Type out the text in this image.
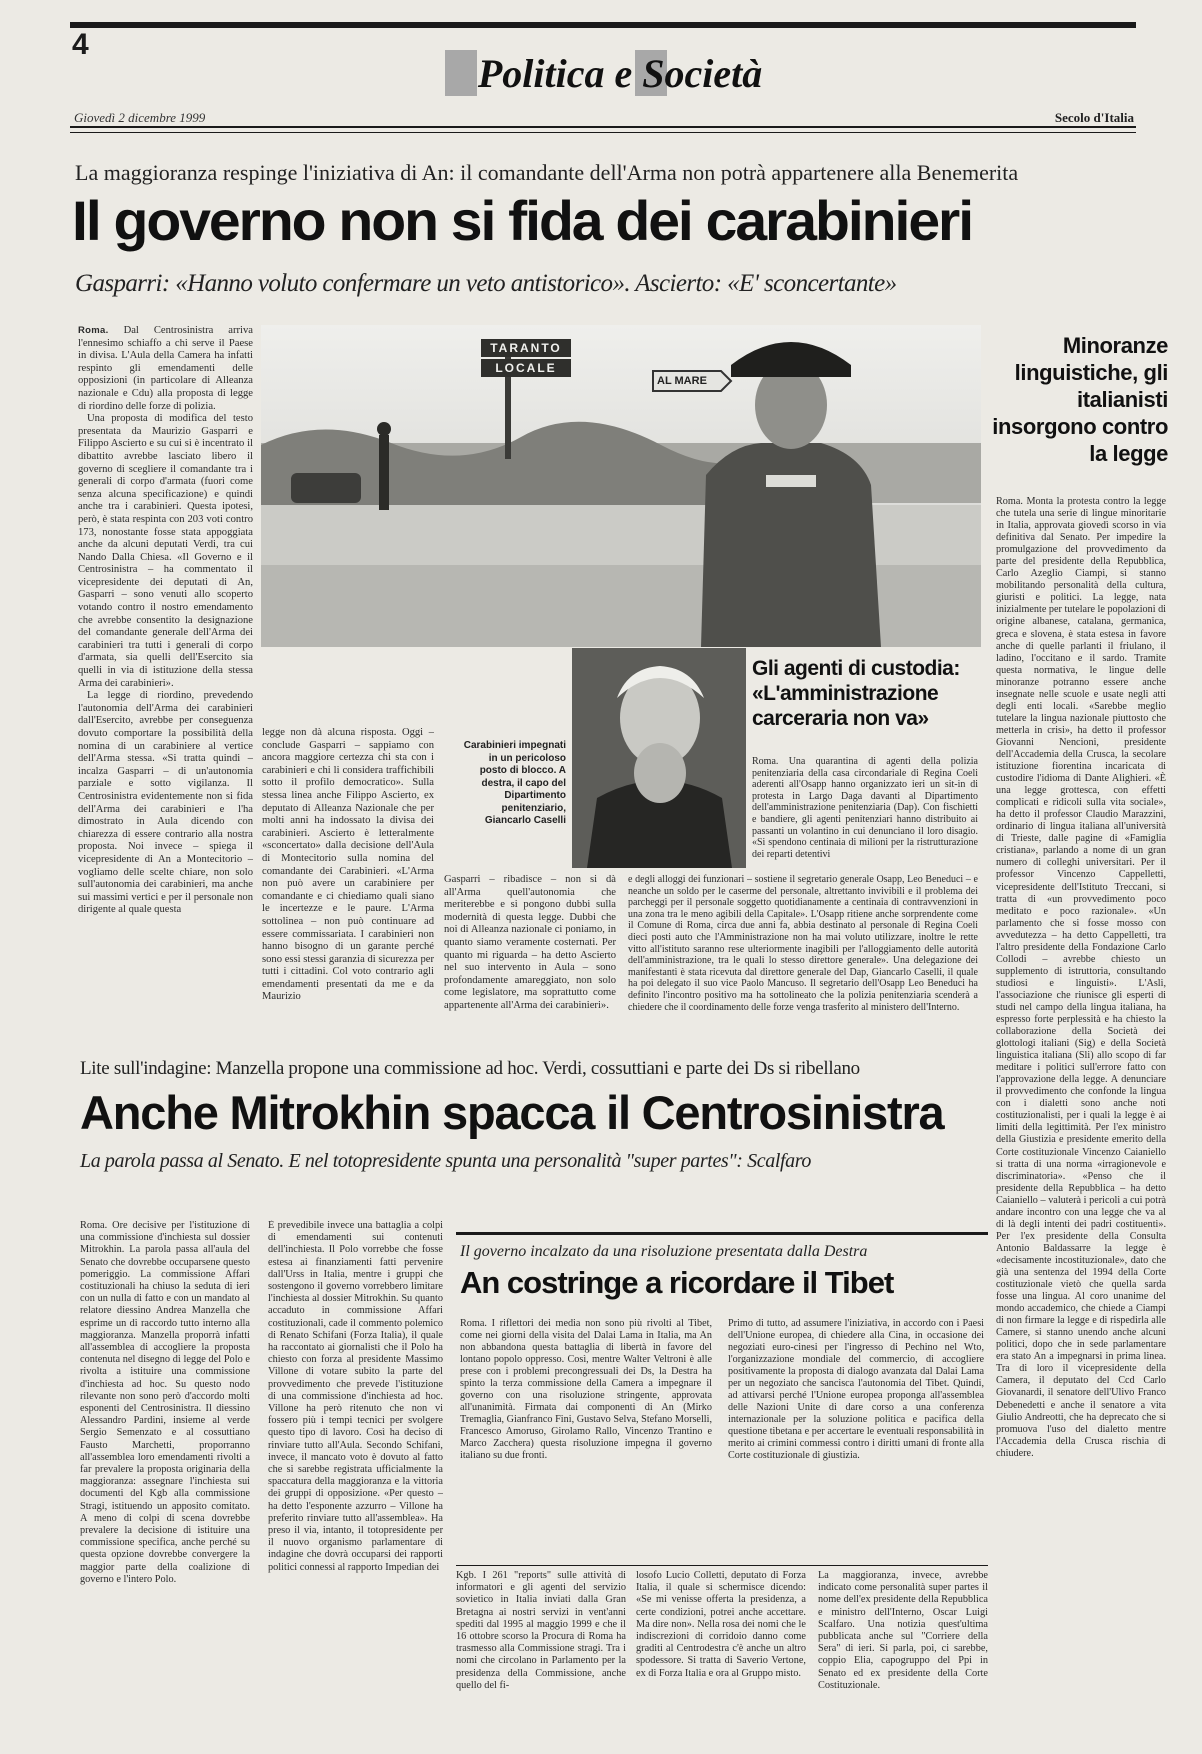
4
Politica e Società
Giovedì 2 dicembre 1999	Secolo d'Italia
La maggioranza respinge l'iniziativa di An: il comandante dell'Arma non potrà appartenere alla Benemerita
Il governo non si fida dei carabinieri
Gasparri: «Hanno voluto confermare un veto antistorico». Ascierto: «E' sconcertante»
TARANTO
LOCALE
AL MARE
Carabinieri impegnati in un pericoloso posto di blocco. A destra, il capo del Dipartimento penitenziario, Giancarlo Caselli
Roma. Dal Centrosinistra arriva l'ennesimo schiaffo a chi serve il Paese in divisa. L'Aula della Camera ha infatti respinto gli emendamenti delle opposizioni (in particolare di Alleanza nazionale e Cdu) alla proposta di legge di riordino delle forze di polizia.

Una proposta di modifica del testo presentata da Maurizio Gasparri e Filippo Ascierto e su cui si è incentrato il dibattito avrebbe lasciato libero il governo di scegliere il comandante tra i generali di corpo d'armata (fuori come senza alcuna specificazione) e quindi anche tra i carabinieri. Questa ipotesi, però, è stata respinta con 203 voti contro 173, nonostante fosse stata appoggiata anche da alcuni deputati Verdi, tra cui Nando Dalla Chiesa. «Il Governo e il Centrosinistra – ha commentato il vicepresidente dei deputati di An, Gasparri – sono venuti allo scoperto votando contro il nostro emendamento che avrebbe consentito la designazione del comandante generale dell'Arma dei carabinieri tra tutti i generali di corpo d'armata, sia quelli dell'Esercito sia quelli in via di istituzione della stessa Arma dei carabinieri».

La legge di riordino, prevedendo l'autonomia dell'Arma dei carabinieri dall'Esercito, avrebbe per conseguenza dovuto comportare la possibilità della nomina di un carabiniere al vertice dell'Arma stessa. «Si tratta quindi – incalza Gasparri – di un'autonomia parziale e sotto vigilanza. Il Centrosinistra evidentemente non si fida dell'Arma dei carabinieri e l'ha dimostrato in Aula dicendo con chiarezza di essere contrario alla nostra proposta. Noi invece – spiega il vicepresidente di An a Montecitorio – vogliamo delle scelte chiare, non solo sull'autonomia dei carabinieri, ma anche sui massimi vertici e per il personale non dirigente al quale questa

legge non dà alcuna risposta. Oggi – conclude Gasparri – sappiamo con ancora maggiore certezza chi sta con i carabinieri e chi li considera traffichibili sotto il profilo democratico». Sulla stessa linea anche Filippo Ascierto, ex deputato di Alleanza Nazionale che per molti anni ha indossato la divisa dei carabinieri. Ascierto è letteralmente «sconcertato» dalla decisione dell'Aula di Montecitorio sulla nomina del comandante dei Carabinieri. «L'Arma non può avere un carabiniere per comandante e ci chiediamo quali siano le incertezze e le paure. L'Arma sottolinea – non può continuare ad essere commissariata. I carabinieri non hanno bisogno di un garante perché sono essi stessi garanzia di sicurezza per tutti i cittadini. Col voto contrario agli emendamenti presentati da me e da Maurizio
Gasparri – ribadisce – non si dà all'Arma quell'autonomia che meriterebbe e si pongono dubbi sulla modernità di questa legge. Dubbi che noi di Alleanza nazionale ci poniamo, in quanto siamo veramente costernati. Per quanto mi riguarda – ha detto Ascierto nel suo intervento in Aula – sono profondamente amareggiato, non solo come legislatore, ma soprattutto come appartenente all'Arma dei carabinieri».
Gli agenti di custodia: «L'amministrazione carceraria non va»
Roma. Una quarantina di agenti della polizia penitenziaria della casa circondariale di Regina Coeli aderenti all'Osapp hanno organizzato ieri un sit-in di protesta in Largo Daga davanti al Dipartimento dell'amministrazione penitenziaria (Dap). Con fischietti e bandiere, gli agenti penitenziari hanno distribuito ai passanti un volantino in cui denunciano il loro disagio. «Si spendono centinaia di milioni per la ristrutturazione dei reparti detentivi
e degli alloggi dei funzionari – sostiene il segretario generale Osapp, Leo Beneduci – e neanche un soldo per le caserme del personale, altrettanto invivibili e il problema dei parcheggi per il personale soggetto quotidianamente a centinaia di contravvenzioni in una zona tra le meno agibili della Capitale». L'Osapp ritiene anche sorprendente come il Comune di Roma, circa due anni fa, abbia destinato al personale di Regina Coeli dieci posti auto che l'Amministrazione non ha mai voluto utilizzare, inoltre le rette vitto all'istituto saranno rese ulteriormente inagibili per l'alloggiamento delle autorità dell'amministrazione, tra le quali lo stesso direttore generale». Una delegazione dei manifestanti è stata ricevuta dal direttore generale del Dap, Giancarlo Caselli, il quale ha poi delegato il suo vice Paolo Mancuso. Il segretario dell'Osapp Leo Beneduci ha definito l'incontro positivo ma ha sottolineato che la polizia penitenziaria scenderà a chiedere che il coordinamento delle forze venga trasferito al ministero dell'Interno.
Minoranze linguistiche, gli italianisti insorgono contro la legge
Roma. Monta la protesta contro la legge che tutela una serie di lingue minoritarie in Italia, approvata giovedì scorso in via definitiva dal Senato. Per impedire la promulgazione del provvedimento da parte del presidente della Repubblica, Carlo Azeglio Ciampi, si stanno mobilitando personalità della cultura, giuristi e politici. La legge, nata inizialmente per tutelare le popolazioni di origine albanese, catalana, germanica, greca e slovena, è stata estesa in favore anche di quelle parlanti il friulano, il ladino, l'occitano e il sardo. Tramite questa normativa, le lingue delle minoranze potranno essere anche insegnate nelle scuole e usate negli atti degli enti locali. «Sarebbe meglio tutelare la lingua nazionale piuttosto che metterla in crisi», ha detto il professor Giovanni Nencioni, presidente dell'Accademia della Crusca, la secolare istituzione fiorentina incaricata di custodire l'idioma di Dante Alighieri. «È una legge grottesca, con effetti complicati e ridicoli sulla vita sociale», ha detto il professor Claudio Marazzini, ordinario di lingua italiana all'università di Trieste, dalle pagine di «Famiglia cristiana», parlando a nome di un gran numero di colleghi universitari. Per il professor Vincenzo Cappelletti, vicepresidente dell'Istituto Treccani, si tratta di «un provvedimento poco meditato e poco razionale». «Un parlamento che si fosse mosso con avvedutezza – ha detto Cappelletti, tra l'altro presidente della Fondazione Carlo Collodi – avrebbe chiesto un supplemento di istruttoria, consultando studiosi e linguisti». L'Asli, l'associazione che riunisce gli esperti di studi nel campo della lingua italiana, ha espresso forte perplessità e ha chiesto la collaborazione della Società dei glottologi italiani (Sig) e della Società linguistica italiana (Sli) allo scopo di far meditare i politici sull'errore fatto con l'approvazione della legge. A denunciare il provvedimento che confonde la lingua con i dialetti sono anche noti costituzionalisti, per i quali la legge è ai limiti della legittimità. Per l'ex ministro della Giustizia e presidente emerito della Corte costituzionale Vincenzo Caianiello si tratta di una norma «irragionevole e discriminatoria». «Penso che il presidente della Repubblica – ha detto Caianiello – valuterà i pericoli a cui potrà andare incontro con una legge che va al di là degli intenti dei padri costituenti». Per l'ex presidente della Consulta Antonio Baldassarre la legge è «decisamente incostituzionale», dato che già una sentenza del 1994 della Corte costituzionale vietò che quella sarda fosse una lingua. Al coro unanime del mondo accademico, che chiede a Ciampi di non firmare la legge e di rispedirla alle Camere, si stanno unendo anche alcuni politici, dopo che in sede parlamentare era stato An a impegnarsi in prima linea. Tra di loro il vicepresidente della Camera, il deputato del Ccd Carlo Giovanardi, il senatore dell'Ulivo Franco Debenedetti e anche il senatore a vita Giulio Andreotti, che ha deprecato che si promuova l'uso del dialetto mentre l'Accademia della Crusca rischia di chiudere.
Lite sull'indagine: Manzella propone una commissione ad hoc. Verdi, cossuttiani e parte dei Ds si ribellano
Anche Mitrokhin spacca il Centrosinistra
La parola passa al Senato. E nel totopresidente spunta una personalità "super partes": Scalfaro
Roma. Ore decisive per l'istituzione di una commissione d'inchiesta sul dossier Mitrokhin. La parola passa all'aula del Senato che dovrebbe occuparsene questo pomeriggio. La commissione Affari costituzionali ha chiuso la seduta di ieri con un nulla di fatto e con un mandato al relatore diessino Andrea Manzella che esprime un di raccordo tutto interno alla maggioranza. Manzella proporrà infatti all'assemblea di accogliere la proposta contenuta nel disegno di legge del Polo e rivolta a istituire una commissione d'inchiesta ad hoc. Su questo nodo rilevante non sono però d'accordo molti esponenti del Centrosinistra. Il diessino Alessandro Pardini, insieme al verde Sergio Semenzato e al cossuttiano Fausto Marchetti, proporranno all'assemblea loro emendamenti rivolti a far prevalere la proposta originaria della maggioranza: assegnare l'inchiesta sui documenti del Kgb alla commissione Stragi, istituendo un apposito comitato. A meno di colpi di scena dovrebbe prevalere la decisione di istituire una commissione specifica, anche perché su questa opzione dovrebbe convergere la maggior parte della coalizione di governo e l'intero Polo.
È prevedibile invece una battaglia a colpi di emendamenti sui contenuti dell'inchiesta. Il Polo vorrebbe che fosse estesa ai finanziamenti fatti pervenire dall'Urss in Italia, mentre i gruppi che sostengono il governo vorrebbero limitare l'inchiesta al dossier Mitrokhin. Su quanto accaduto in commissione Affari costituzionali, cade il commento polemico di Renato Schifani (Forza Italia), il quale ha raccontato ai giornalisti che il Polo ha chiesto con forza al presidente Massimo Villone di votare subito la parte del provvedimento che prevede l'istituzione di una commissione d'inchiesta ad hoc. Villone ha però ritenuto che non vi fossero più i tempi tecnici per svolgere questo tipo di lavoro. Così ha deciso di rinviare tutto all'Aula. Secondo Schifani, invece, il mancato voto è dovuto al fatto che si sarebbe registrata ufficialmente la spaccatura della maggioranza e la vittoria dei gruppi di opposizione. «Per questo – ha detto l'esponente azzurro – Villone ha preferito rinviare tutto all'assemblea». Ha preso il via, intanto, il totopresidente per il nuovo organismo parlamentare di indagine che dovrà occuparsi dei rapporti politici connessi al rapporto Impedian dei
Kgb. I 261 "reports" sulle attività di informatori e gli agenti del servizio sovietico in Italia inviati dalla Gran Bretagna ai nostri servizi in vent'anni spediti dal 1995 al maggio 1999 e che il 16 ottobre scorso la Procura di Roma ha trasmesso alla Commissione stragi. Tra i nomi che circolano in Parlamento per la presidenza della Commissione, anche quello del fi-
losofo Lucio Colletti, deputato di Forza Italia, il quale si schermisce dicendo: «Se mi venisse offerta la presidenza, a certe condizioni, potrei anche accettare. Ma dire non». Nella rosa dei nomi che le indiscrezioni di corridoio danno come graditi al Centrodestra c'è anche un altro spodessore. Si tratta di Saverio Vertone, ex di Forza Italia e ora al Gruppo misto.
La maggioranza, invece, avrebbe indicato come personalità super partes il nome dell'ex presidente della Repubblica e ministro dell'Interno, Oscar Luigi Scalfaro. Una notizia quest'ultima pubblicata anche sul "Corriere della Sera" di ieri. Si parla, poi, ci sarebbe, coppio Elia, capogruppo del Ppi in Senato ed ex presidente della Corte Costituzionale.
Il governo incalzato da una risoluzione presentata dalla Destra
An costringe a ricordare il Tibet
Roma. I riflettori dei media non sono più rivolti al Tibet, come nei giorni della visita del Dalai Lama in Italia, ma An non abbandona questa battaglia di libertà in favore del lontano popolo oppresso. Così, mentre Walter Veltroni è alle prese con i problemi precongressuali dei Ds, la Destra ha spinto la terza commissione della Camera a impegnare il governo con una risoluzione stringente, approvata all'unanimità. Firmata dai componenti di An (Mirko Tremaglia, Gianfranco Fini, Gustavo Selva, Stefano Morselli, Francesco Amoruso, Girolamo Rallo, Vincenzo Trantino e Marco Zacchera) questa risoluzione impegna il governo italiano su due fronti.
Primo di tutto, ad assumere l'iniziativa, in accordo con i Paesi dell'Unione europea, di chiedere alla Cina, in occasione dei negoziati euro-cinesi per l'ingresso di Pechino nel Wto, l'organizzazione mondiale del commercio, di accogliere positivamente la proposta di dialogo avanzata dal Dalai Lama per un negoziato che sancisca l'autonomia del Tibet. Quindi, ad attivarsi perché l'Unione europea proponga all'assemblea delle Nazioni Unite di dare corso a una conferenza internazionale per la soluzione politica e pacifica della questione tibetana e per accertare le eventuali responsabilità in merito ai crimini commessi contro i diritti umani di fronte alla Corte costituzionale di giustizia.
